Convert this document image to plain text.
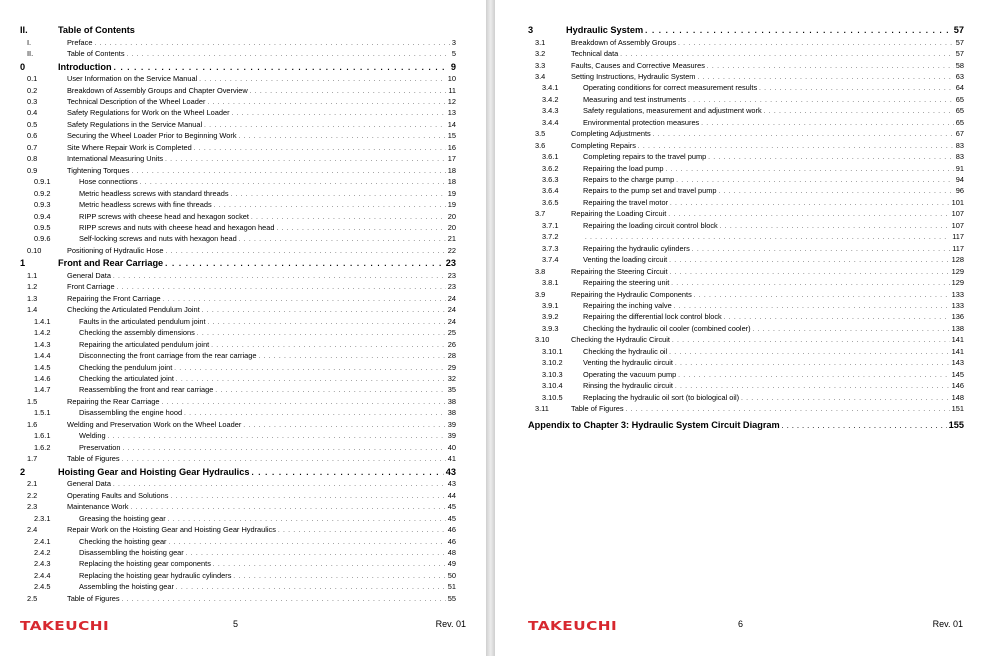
II.	Table of Contents
I.	Preface . . .	3
II.	Table of Contents . . .	5
0	Introduction . . .	9
0.1	User Information on the Service Manual . . .	10
0.2	Breakdown of Assembly Groups and Chapter Overview . . .	11
0.3	Technical Description of the Wheel Loader . . .	12
0.4	Safety Regulations for Work on the Wheel Loader . . .	13
0.5	Safety Regulations in the Service Manual . . .	14
0.6	Securing the Wheel Loader Prior to Beginning Work . . .	15
0.7	Site Where Repair Work is Completed . . .	16
0.8	International Measuring Units . . .	17
0.9	Tightening Torques . . .	18
0.9.1	Hose connections . . .	18
0.9.2	Metric headless screws with standard threads . . .	19
0.9.3	Metric headless screws with fine threads . . .	19
0.9.4	RIPP screws with cheese head and hexagon socket . . .	20
0.9.5	RIPP screws and nuts with cheese head and hexagon head . . .	20
0.9.6	Self-locking screws and nuts with hexagon head . . .	21
0.10	Positioning of Hydraulic Hose . . .	22
1	Front and Rear Carriage . . .	23
1.1	General Data . . .	23
1.2	Front Carriage . . .	23
1.3	Repairing the Front Carriage . . .	24
1.4	Checking the Articulated Pendulum Joint . . .	24
1.4.1	Faults in the articulated pendulum joint . . .	24
1.4.2	Checking the assembly dimensions . . .	25
1.4.3	Repairing the articulated pendulum joint . . .	26
1.4.4	Disconnecting the front carriage from the rear carriage . . .	28
1.4.5	Checking the pendulum joint . . .	29
1.4.6	Checking the articulated joint . . .	32
1.4.7	Reassembling the front and rear carriage . . .	35
1.5	Repairing the Rear Carriage . . .	38
1.5.1	Disassembling the engine hood . . .	38
1.6	Welding and Preservation Work on the Wheel Loader . . .	39
1.6.1	Welding . . .	39
1.6.2	Preservation . . .	40
1.7	Table of Figures . . .	41
2	Hoisting Gear and Hoisting Gear Hydraulics . . .	43
2.1	General Data . . .	43
2.2	Operating Faults and Solutions . . .	44
2.3	Maintenance Work . . .	45
2.3.1	Greasing the hoisting gear . . .	45
2.4	Repair Work on the Hoisting Gear and Hoisting Gear Hydraulics . . .	46
2.4.1	Checking the hoisting gear . . .	46
2.4.2	Disassembling the hoisting gear . . .	48
2.4.3	Replacing the hoisting gear components . . .	49
2.4.4	Replacing the hoisting gear hydraulic cylinders . . .	50
2.4.5	Assembling the hoisting gear . . .	51
2.5	Table of Figures . . .	55
TAKEUCHI	5	Rev. 01
3	Hydraulic System . . .	57
3.1	Breakdown of Assembly Groups . . .	57
3.2	Technical data . . .	57
3.3	Faults, Causes and Corrective Measures . . .	58
3.4	Setting Instructions, Hydraulic System . . .	63
3.4.1	Operating conditions for correct measurement results . . .	64
3.4.2	Measuring and test instruments . . .	65
3.4.3	Safety regulations, measurement and adjustment work . . .	65
3.4.4	Environmental protection measures . . .	65
3.5	Completing Adjustments . . .	67
3.6	Completing Repairs . . .	83
3.6.1	Completing repairs to the travel pump . . .	83
3.6.2	Repairing the load pump . . .	91
3.6.3	Repairs to the charge pump . . .	94
3.6.4	Repairs to the pump set and travel pump . . .	96
3.6.5	Repairing the travel motor . . .	101
3.7	Repairing the Loading Circuit . . .	107
3.7.1	Repairing the loading circuit control block . . .	107
3.7.2 . . .	117
3.7.3	Repairing the hydraulic cylinders . . .	117
3.7.4	Venting the loading circuit . . .	128
3.8	Repairing the Steering Circuit . . .	129
3.8.1	Repairing the steering unit . . .	129
3.9	Repairing the Hydraulic Components . . .	133
3.9.1	Repairing the inching valve . . .	133
3.9.2	Repairing the differential lock control block . . .	136
3.9.3	Checking the hydraulic oil cooler (combined cooler) . . .	138
3.10	Checking the Hydraulic Circuit . . .	141
3.10.1	Checking the hydraulic oil . . .	141
3.10.2	Venting the hydraulic circuit . . .	143
3.10.3	Operating the vacuum pump . . .	145
3.10.4	Rinsing the hydraulic circuit . . .	146
3.10.5	Replacing the hydraulic oil sort (to biological oil) . . .	148
3.11	Table of Figures . . .	151
Appendix to Chapter 3: Hydraulic System Circuit Diagram . . .	155
TAKEUCHI	6	Rev. 01
